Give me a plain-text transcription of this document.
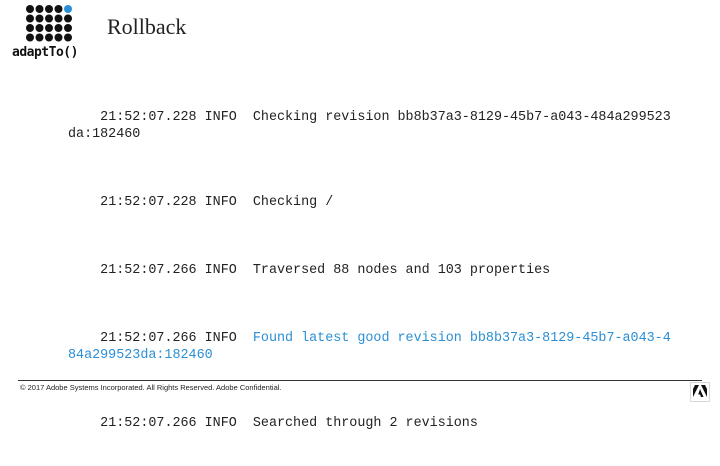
adaptTo()
Rollback

21:52:07.228 INFO Checking revision bb8b37a3-8129-45b7-a043-484a299523da:182460

21:52:07.228 INFO Checking /

21:52:07.266 INFO Traversed 88 nodes and 103 properties

21:52:07.266 INFO Found latest good revision bb8b37a3-8129-45b7-a043-484a299523da:182460

21:52:07.266 INFO Searched through 2 revisions

© 2017 Adobe Systems Incorporated. All Rights Reserved. Adobe Confidential.
